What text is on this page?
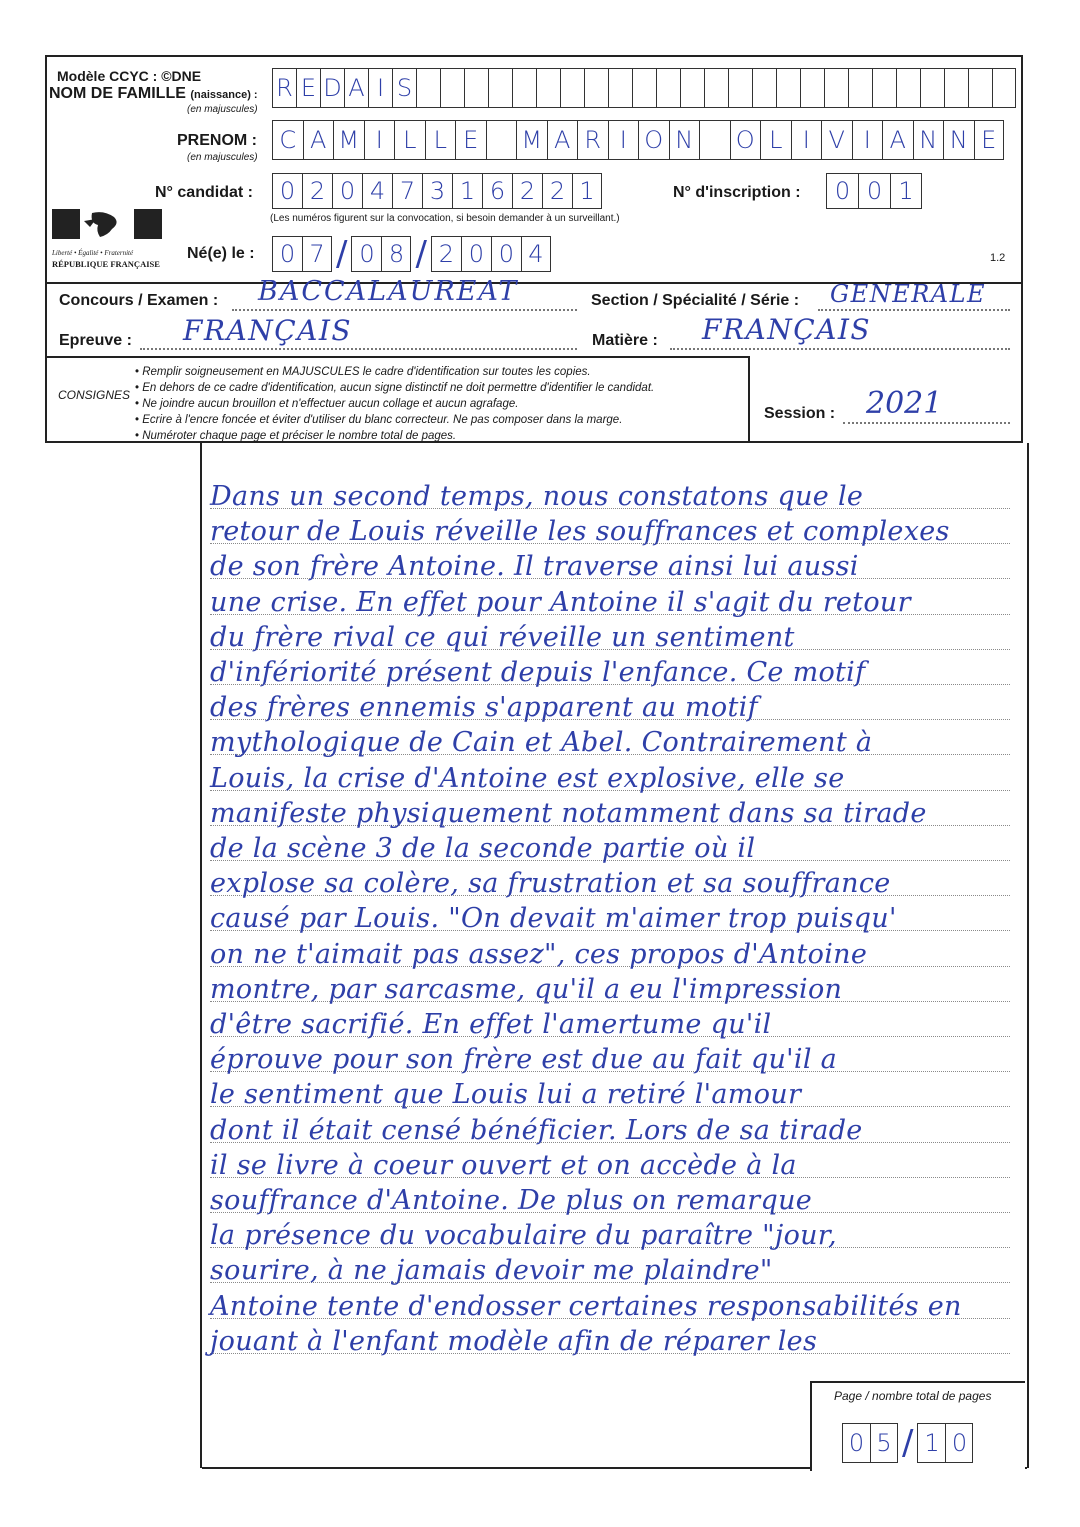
Modèle CCYC : ©DNE
NOM DE FAMILLE (naissance) :
(en majuscules)
R E D A I S
PRENOM :
(en majuscules)
C A M I L L E M A R I O N O L I V I A N N E
N° candidat :	0 2 0 4 7 3 1 6 2 2 1
(Les numéros figurent sur la convocation, si besoin demander à un surveillant.)
N° d'inscription :	0 0 1
Liberté • Égalité • Fraternité
RÉPUBLIQUE FRANÇAISE
Né(e) le :	0 7 / 0 8 / 2 0 0 4	1.2
Concours / Examen : BACCALAUREAT	Section / Spécialité / Série : GENERALE
Epreuve : FRANÇAIS	Matière : FRANÇAIS
CONSIGNES
• Remplir soigneusement en MAJUSCULES le cadre d'identification sur toutes les copies.
• En dehors de ce cadre d'identification, aucun signe distinctif ne doit permettre d'identifier le candidat.
• Ne joindre aucun brouillon et n'effectuer aucun collage et aucun agrafage.
• Ecrire à l'encre foncée et éviter d'utiliser du blanc correcteur. Ne pas composer dans la marge.
• Numéroter chaque page et préciser le nombre total de pages.
Session : 2021
Dans un second temps, nous constatons que le
retour de Louis réveille les souffrances et complexes
de son frère Antoine. Il traverse ainsi lui aussi
une crise. En effet pour Antoine il s'agit du retour
du frère rival ce qui réveille un sentiment
d'infériorité présent depuis l'enfance. Ce motif
des frères ennemis s'apparent au motif
mythologique de Cain et Abel. Contrairement à
Louis, la crise d'Antoine est explosive, elle se
manifeste physiquement notamment dans sa tirade
de la scène 3 de la seconde partie où il
explose sa colère, sa frustration et sa souffrance
causé par Louis. "On devait m'aimer trop puisqu'
on ne t'aimait pas assez", ces propos d'Antoine
montre, par sarcasme, qu'il a eu l'impression
d'être sacrifié. En effet l'amertume qu'il
éprouve pour son frère est due au fait qu'il a
le sentiment que Louis lui a retiré l'amour
dont il était censé bénéficier. Lors de sa tirade
il se livre à coeur ouvert et on accède à la
souffrance d'Antoine. De plus on remarque
la présence du vocabulaire du paraître "jour,
sourire, à ne jamais devoir me plaindre"
Antoine tente d'endosser certaines responsabilités en
jouant à l'enfant modèle afin de réparer les
Page / nombre total de pages
0 5 / 1 0
